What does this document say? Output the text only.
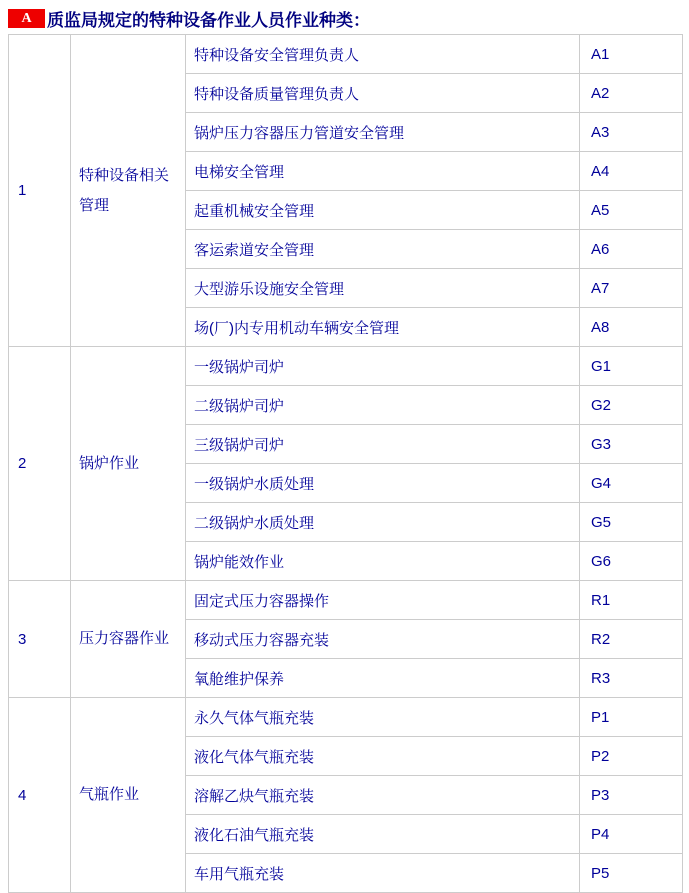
A 质监局规定的特种设备作业人员作业种类：
1	特种设备相关管理	特种设备安全管理负责人	A1
		特种设备质量管理负责人	A2
		锅炉压力容器压力管道安全管理	A3
		电梯安全管理	A4
		起重机械安全管理	A5
		客运索道安全管理	A6
		大型游乐设施安全管理	A7
		场(厂)内专用机动车辆安全管理	A8
2	锅炉作业	一级锅炉司炉	G1
		二级锅炉司炉	G2
		三级锅炉司炉	G3
		一级锅炉水质处理	G4
		二级锅炉水质处理	G5
		锅炉能效作业	G6
3	压力容器作业	固定式压力容器操作	R1
		移动式压力容器充装	R2
		氧舱维护保养	R3
4	气瓶作业	永久气体气瓶充装	P1
		液化气体气瓶充装	P2
		溶解乙炔气瓶充装	P3
		液化石油气瓶充装	P4
		车用气瓶充装	P5
